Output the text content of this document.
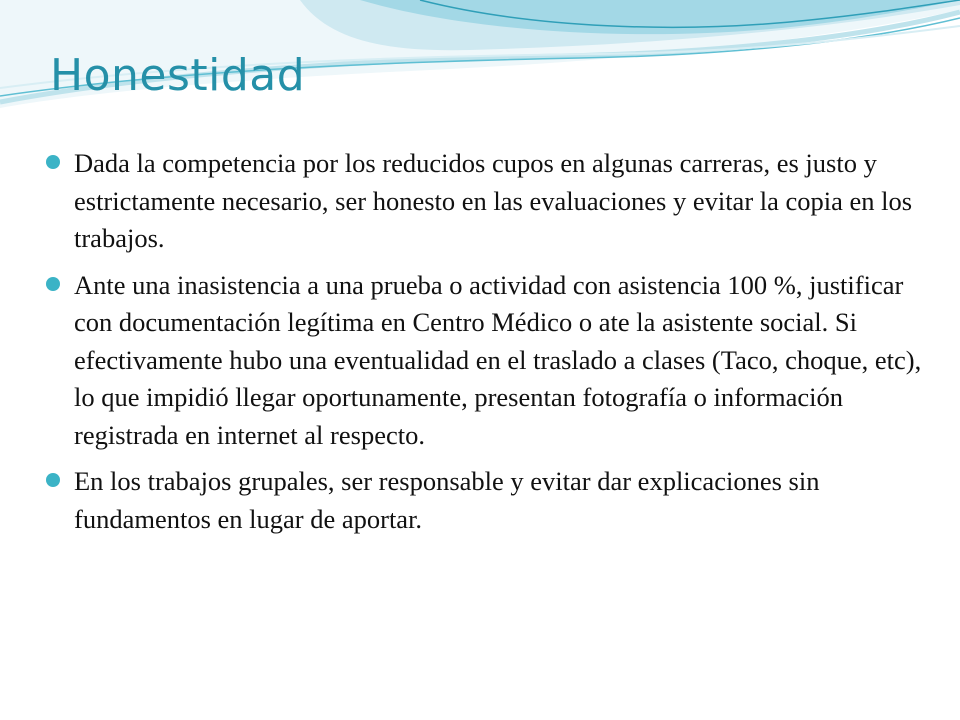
Honestidad
Dada la competencia por los reducidos cupos en algunas carreras, es justo y estrictamente necesario, ser honesto en las evaluaciones y evitar la copia en los trabajos.
Ante una inasistencia a una prueba o actividad con asistencia 100 %, justificar con documentación legítima en Centro Médico o ate la asistente social. Si efectivamente hubo una eventualidad en el traslado a clases (Taco, choque, etc), lo que impidió llegar oportunamente, presentan fotografía o información registrada en internet al respecto.
En los trabajos grupales, ser responsable y evitar dar explicaciones sin fundamentos en lugar de aportar.
